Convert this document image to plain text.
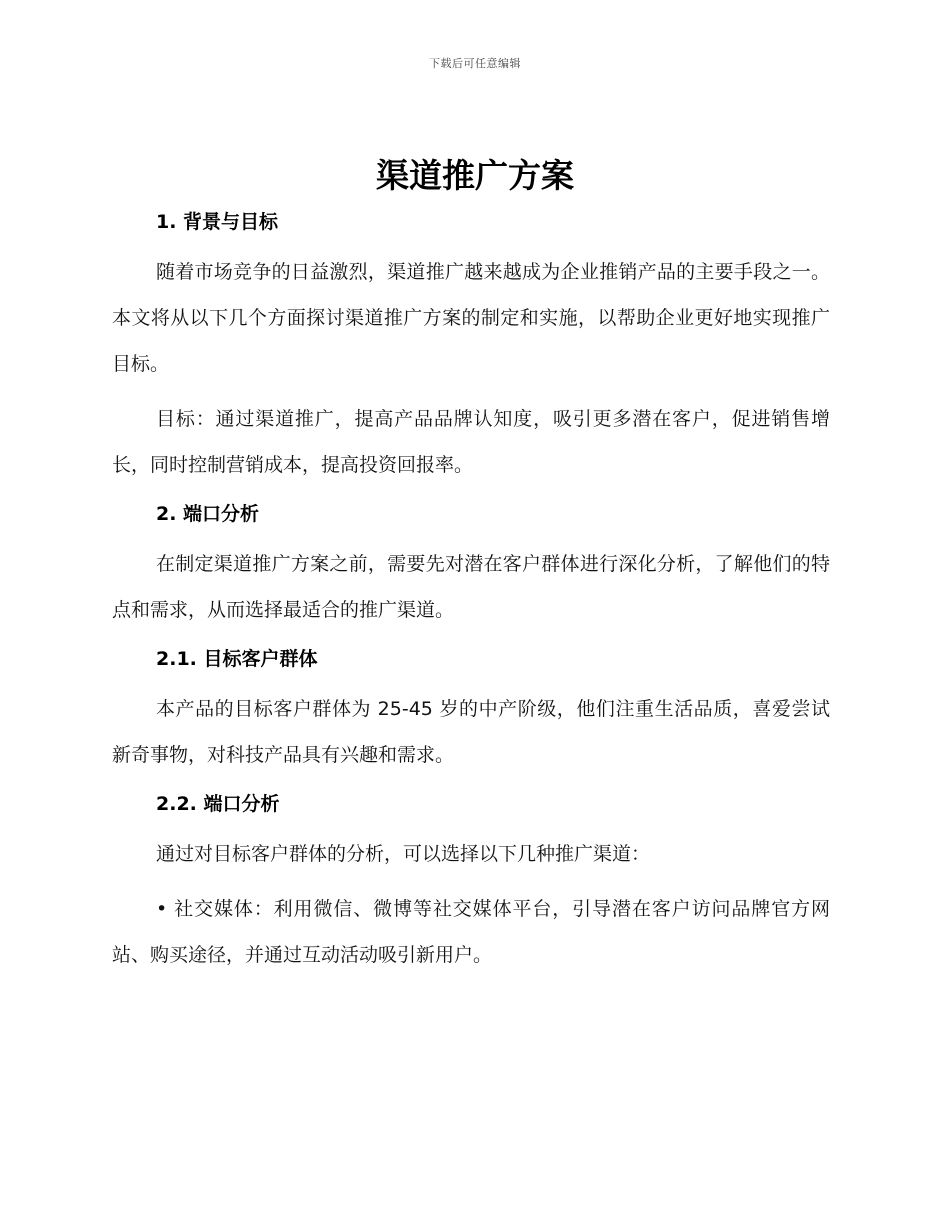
下载后可任意编辑
渠道推广方案
1. 背景与目标

随着市场竞争的日益激烈，渠道推广越来越成为企业推销产品的主要手段之一。本文将从以下几个方面探讨渠道推广方案的制定和实施，以帮助企业更好地实现推广目标。

目标：通过渠道推广，提高产品品牌认知度，吸引更多潜在客户，促进销售增长，同时控制营销成本，提高投资回报率。

2. 端口分析

在制定渠道推广方案之前，需要先对潜在客户群体进行深化分析，了解他们的特点和需求，从而选择最适合的推广渠道。

2.1. 目标客户群体

本产品的目标客户群体为 25-45 岁的中产阶级，他们注重生活品质，喜爱尝试新奇事物，对科技产品具有兴趣和需求。

2.2. 端口分析

通过对目标客户群体的分析，可以选择以下几种推广渠道：

• 社交媒体：利用微信、微博等社交媒体平台，引导潜在客户访问品牌官方网站、购买途径，并通过互动活动吸引新用户。
